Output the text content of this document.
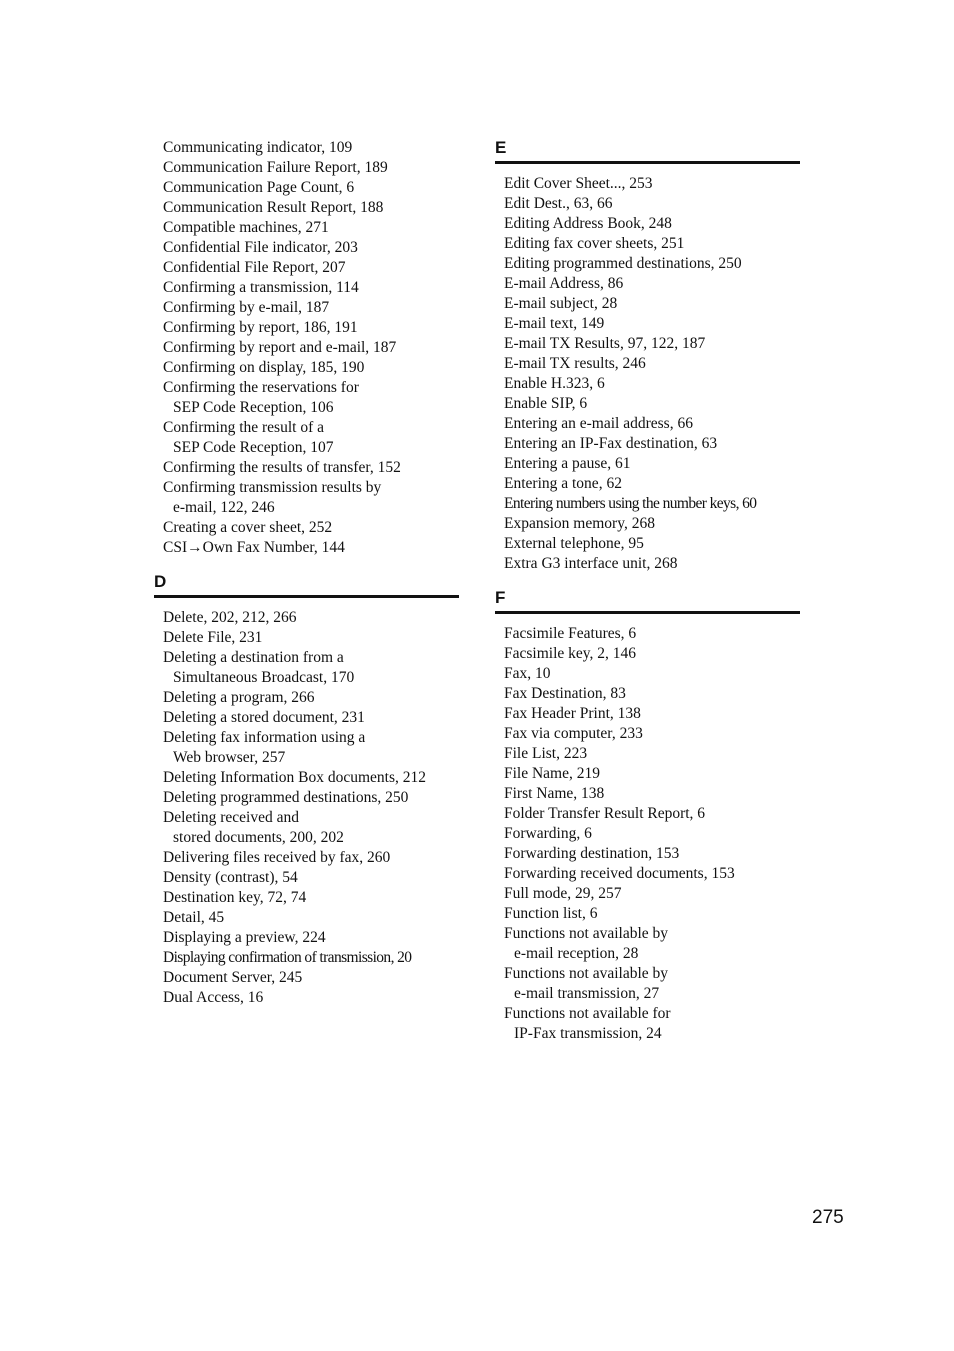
Communicating indicator, 109
Communication Failure Report, 189
Communication Page Count, 6
Communication Result Report, 188
Compatible machines, 271
Confidential File indicator, 203
Confidential File Report, 207
Confirming a transmission, 114
Confirming by e-mail, 187
Confirming by report, 186, 191
Confirming by report and e-mail, 187
Confirming on display, 185, 190
Confirming the reservations for
SEP Code Reception, 106
Confirming the result of a
SEP Code Reception, 107
Confirming the results of transfer, 152
Confirming transmission results by
e-mail, 122, 246
Creating a cover sheet, 252
CSI→Own Fax Number, 144
D
Delete, 202, 212, 266
Delete File, 231
Deleting a destination from a
Simultaneous Broadcast, 170
Deleting a program, 266
Deleting a stored document, 231
Deleting fax information using a
Web browser, 257
Deleting Information Box documents, 212
Deleting programmed destinations, 250
Deleting received and
stored documents, 200, 202
Delivering files received by fax, 260
Density (contrast), 54
Destination key, 72, 74
Detail, 45
Displaying a preview, 224
Displaying confirmation of transmission, 20
Document Server, 245
Dual Access, 16
E
Edit Cover Sheet..., 253
Edit Dest., 63, 66
Editing Address Book, 248
Editing fax cover sheets, 251
Editing programmed destinations, 250
E-mail Address, 86
E-mail subject, 28
E-mail text, 149
E-mail TX Results, 97, 122, 187
E-mail TX results, 246
Enable H.323, 6
Enable SIP, 6
Entering an e-mail address, 66
Entering an IP-Fax destination, 63
Entering a pause, 61
Entering a tone, 62
Entering numbers using the number keys, 60
Expansion memory, 268
External telephone, 95
Extra G3 interface unit, 268
F
Facsimile Features, 6
Facsimile key, 2, 146
Fax, 10
Fax Destination, 83
Fax Header Print, 138
Fax via computer, 233
File List, 223
File Name, 219
First Name, 138
Folder Transfer Result Report, 6
Forwarding, 6
Forwarding destination, 153
Forwarding received documents, 153
Full mode, 29, 257
Function list, 6
Functions not available by
e-mail reception, 28
Functions not available by
e-mail transmission, 27
Functions not available for
IP-Fax transmission, 24
275
